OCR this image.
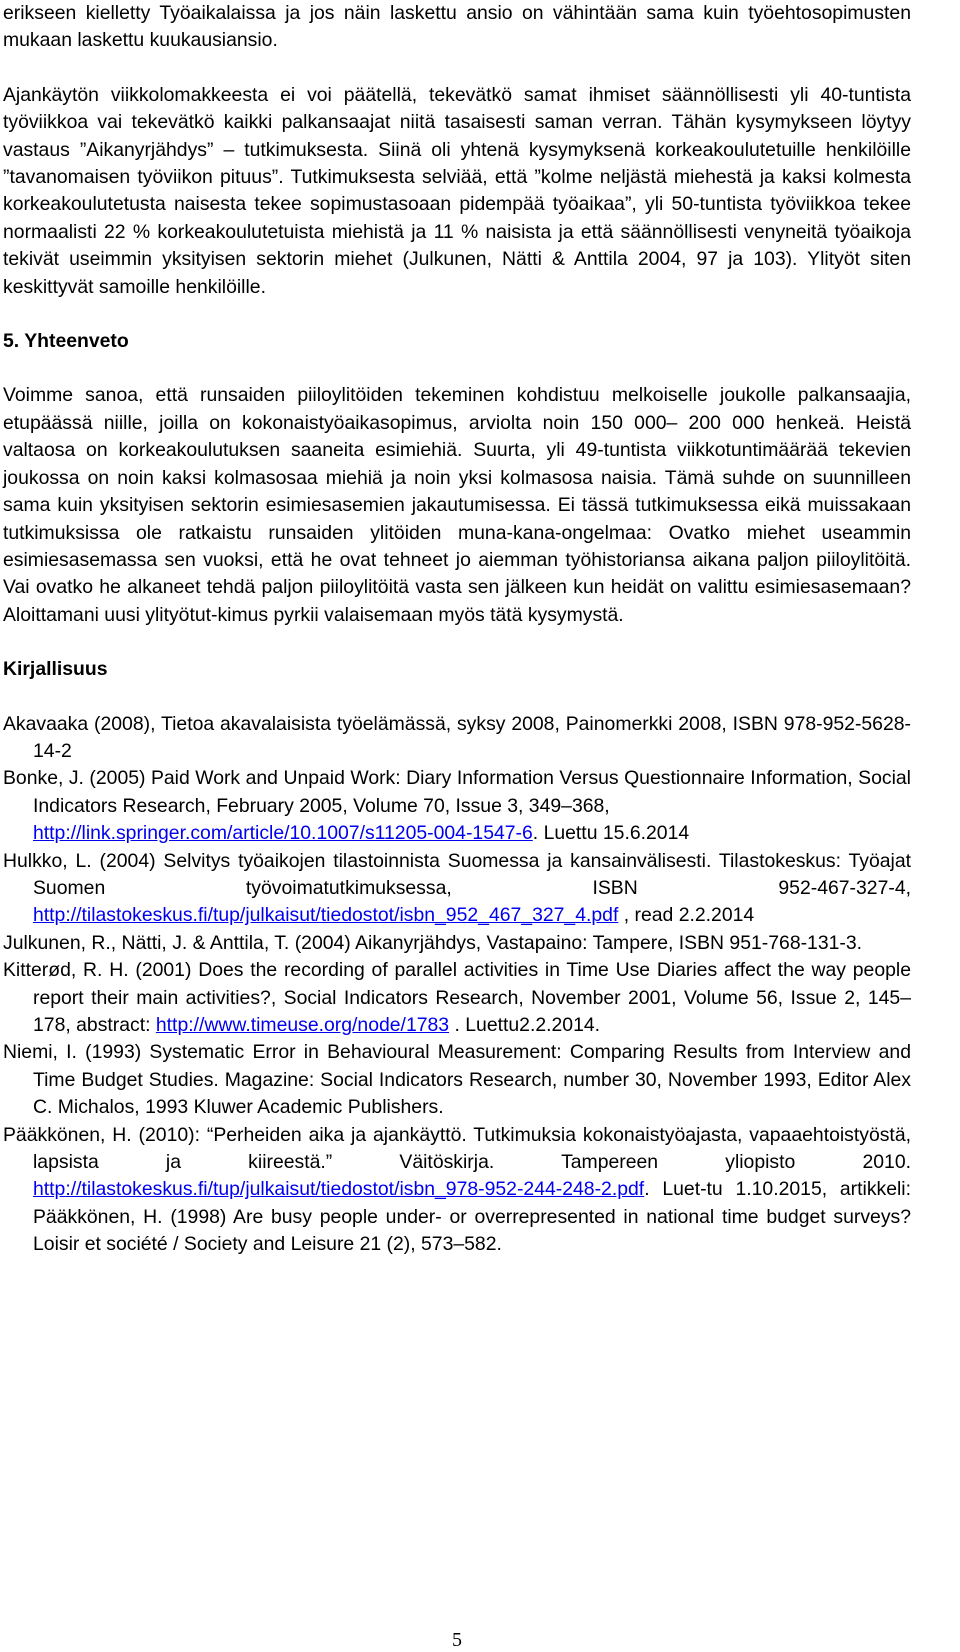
erikseen kielletty Työaikalaissa ja jos näin laskettu ansio on vähintään sama kuin työehtosopimusten mukaan laskettu kuukausiansio.

Ajankäytön viikkolomakkeesta ei voi päätellä, tekevätkö samat ihmiset säännöllisesti yli 40-tuntista työviikkoa vai tekevätkö kaikki palkansaajat niitä tasaisesti saman verran. Tähän kysymykseen löytyy vastaus ”Aikanyrjähdys” – tutkimuksesta. Siinä oli yhtenä kysymyksenä korkeakoulutetuille henkilöille ”tavanomaisen työviikon pituus”. Tutkimuksesta selviää, että ”kolme neljästä miehestä ja kaksi kolmesta korkeakoulutetusta naisesta tekee sopimustasoaan pidempää työaikaa”, yli 50-tuntista työviikkoa tekee normaalisti 22 % korkeakoulutetuista miehistä ja 11 % naisista ja että säännöllisesti venyneitä työaikoja tekivät useimmin yksityisen sektorin miehet (Julkunen, Nätti & Anttila 2004, 97 ja 103). Ylityöt siten keskittyvät samoille henkilöille.

5. Yhteenveto

Voimme sanoa, että runsaiden piiloylitöiden tekeminen kohdistuu melkoiselle joukolle palkansaajia, etupäässä niille, joilla on kokonaistyöaikasopimus, arviolta noin 150 000– 200 000 henkeä. Heistä valtaosa on korkeakoulutuksen saaneita esimiehiä. Suurta, yli 49-tuntista viikkotuntimäärää tekevien joukossa on noin kaksi kolmasosaa miehiä ja noin yksi kolmasosa naisia. Tämä suhde on suunnilleen sama kuin yksityisen sektorin esimiesasemien jakautumisessa. Ei tässä tutkimuksessa eikä muissakaan tutkimuksissa ole ratkaistu runsaiden ylitöiden muna-kana-ongelmaa: Ovatko miehet useammin esimiesasemassa sen vuoksi, että he ovat tehneet jo aiemman työhistoriansa aikana paljon piiloylitöitä. Vai ovatko he alkaneet tehdä paljon piiloylitöitä vasta sen jälkeen kun heidät on valittu esimiesasemaan? Aloittamani uusi ylityötut-kimus pyrkii valaisemaan myös tätä kysymystä.

Kirjallisuus

Akavaaka (2008), Tietoa akavalaisista työelämässä, syksy 2008, Painomerkki 2008, ISBN 978-952-5628-14-2

Bonke, J. (2005) Paid Work and Unpaid Work: Diary Information Versus Questionnaire Information, Social Indicators Research, February 2005, Volume 70, Issue 3, 349–368,
http://link.springer.com/article/10.1007/s11205-004-1547-6. Luettu 15.6.2014

Hulkko, L. (2004) Selvitys työaikojen tilastoinnista Suomessa ja kansainvälisesti. Tilastokeskus: Työajat Suomen työvoimatutkimuksessa, ISBN 952-467-327-4, http://tilastokeskus.fi/tup/julkaisut/tiedostot/isbn_952_467_327_4.pdf , read 2.2.2014

Julkunen, R., Nätti, J. & Anttila, T. (2004) Aikanyrjähdys, Vastapaino: Tampere, ISBN 951-768-131-3.

Kitterød, R. H. (2001) Does the recording of parallel activities in Time Use Diaries affect the way people report their main activities?, Social Indicators Research, November 2001, Volume 56, Issue 2, 145–178, abstract: http://www.timeuse.org/node/1783 . Luettu2.2.2014.

Niemi, I. (1993) Systematic Error in Behavioural Measurement: Comparing Results from Interview and Time Budget Studies. Magazine: Social Indicators Research, number 30, November 1993, Editor Alex C. Michalos, 1993 Kluwer Academic Publishers.

Pääkkönen, H. (2010): “Perheiden aika ja ajankäyttö. Tutkimuksia kokonaistyöajasta, vapaaehtoistyöstä, lapsista ja kiireestä.” Väitöskirja. Tampereen yliopisto 2010. http://tilastokeskus.fi/tup/julkaisut/tiedostot/isbn_978-952-244-248-2.pdf. Luet-tu 1.10.2015, artikkeli: Pääkkönen, H. (1998) Are busy people under- or overrepresented in national time budget surveys? Loisir et société / Society and Leisure 21 (2), 573–582.

5
